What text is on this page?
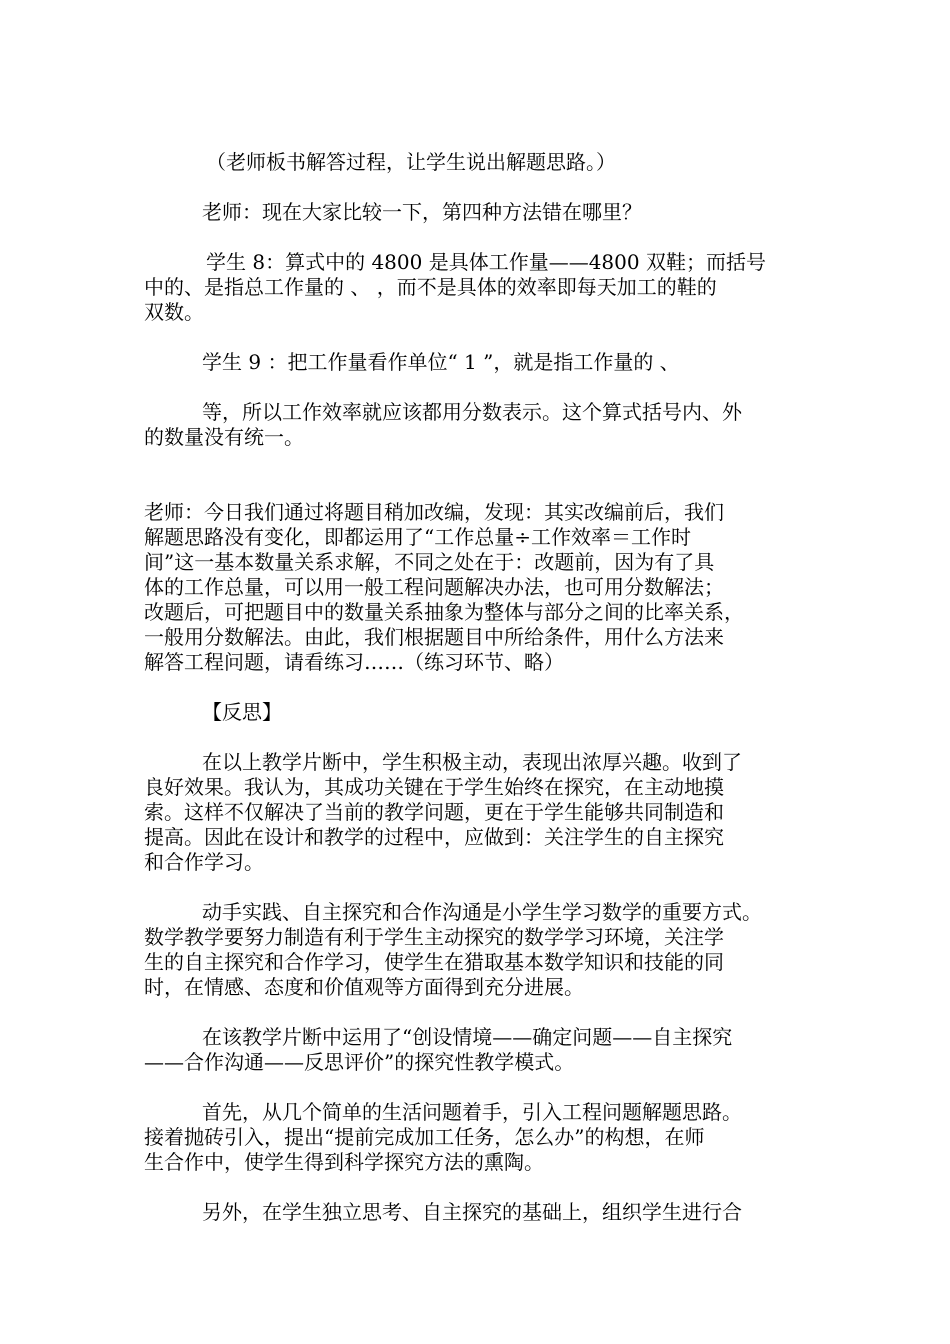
（老师板书解答过程，让学生说出解题思路。）

老师：现在大家比较一下，第四种方法错在哪里？

学生 8：算式中的 4800 是具体工作量——4800 双鞋；而括号
中的、是指总工作量的 、 ，而不是具体的效率即每天加工的鞋的
双数。

学生 9 ：把工作量看作单位“ 1 ”，就是指工作量的 、

等，所以工作效率就应该都用分数表示。这个算式括号内、外
的数量没有统一。

老师：今日我们通过将题目稍加改编，发现：其实改编前后，我们
解题思路没有变化，即都运用了“工作总量÷工作效率＝工作时
间”这一基本数量关系求解，不同之处在于：改题前，因为有了具
体的工作总量，可以用一般工程问题解决办法，也可用分数解法；
改题后，可把题目中的数量关系抽象为整体与部分之间的比率关系，
一般用分数解法。由此，我们根据题目中所给条件，用什么方法来
解答工程问题，请看练习……（练习环节、略）

【反思】

在以上教学片断中，学生积极主动，表现出浓厚兴趣。收到了
良好效果。我认为，其成功关键在于学生始终在探究，在主动地摸
索。这样不仅解决了当前的教学问题，更在于学生能够共同制造和
提高。因此在设计和教学的过程中，应做到：关注学生的自主探究
和合作学习。

动手实践、自主探究和合作沟通是小学生学习数学的重要方式。
数学教学要努力制造有利于学生主动探究的数学学习环境，关注学
生的自主探究和合作学习，使学生在猎取基本数学知识和技能的同
时，在情感、态度和价值观等方面得到充分进展。

在该教学片断中运用了“创设情境——确定问题——自主探究
——合作沟通——反思评价”的探究性教学模式。

首先，从几个简单的生活问题着手，引入工程问题解题思路。
接着抛砖引入，提出“提前完成加工任务，怎么办”的构想，在师
生合作中，使学生得到科学探究方法的熏陶。

另外，在学生独立思考、自主探究的基础上，组织学生进行合
